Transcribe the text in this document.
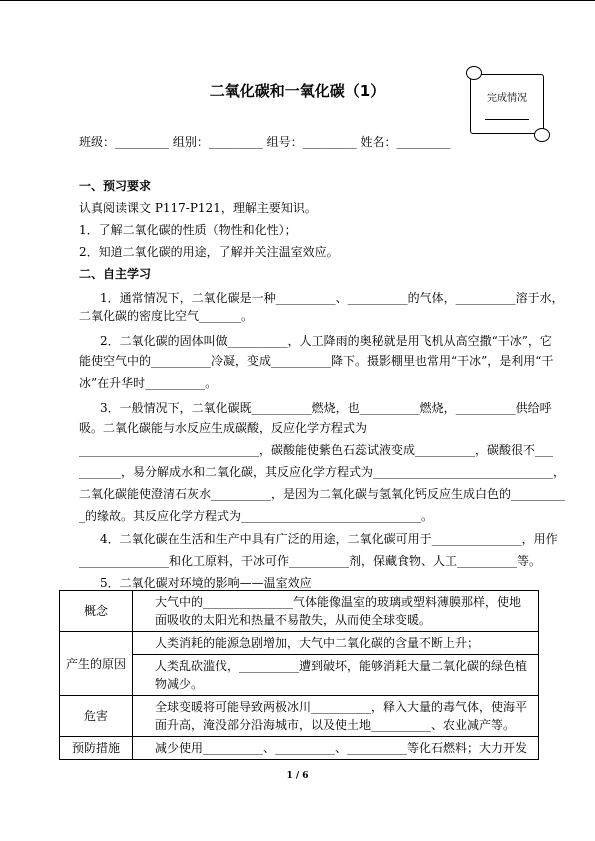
二氧化碳和一氧化碳（1）	完成情况
班级：_________ 组别：_________ 组号：_________ 姓名：_________
一、预习要求
认真阅读课文 P117-P121，理解主要知识。
1．了解二氧化碳的性质（物性和化性）；
2．知道二氧化碳的用途，了解并关注温室效应。
二、自主学习
1．通常情况下，二氧化碳是一种__________、__________的气体，__________溶于水，
二氧化碳的密度比空气_______。
2．二氧化碳的固体叫做__________，人工降雨的奥秘就是用飞机从高空撒“干冰”，它
能使空气中的__________冷凝，变成__________降下。摄影棚里也常用“干冰”，是利用“干
冰”在升华时__________。
3．一般情况下，二氧化碳既__________燃烧，也__________燃烧，__________供给呼
吸。二氧化碳能与水反应生成碳酸，反应化学方程式为
______________________________，碳酸能使紫色石蕊试液变成__________，碳酸很不___
_______，易分解成水和二氧化碳，其反应化学方程式为______________________________，
二氧化碳能使澄清石灰水__________，是因为二氧化碳与氢氧化钙反应生成白色的_________
_的缘故。其反应化学方程式为______________________________。
4．二氧化碳在生活和生产中具有广泛的用途，二氧化碳可用于_______________，用作
_______________和化工原料，干冰可作__________剂，保藏食物、人工__________等。
5．二氧化碳对环境的影响——温室效应
概念	大气中的_______________气体能像温室的玻璃或塑料薄膜那样，使地面吸收的太阳光和热量不易散失，从而使全球变暖。
产生的原因	人类消耗的能源急剧增加，大气中二氧化碳的含量不断上升；
	人类乱砍滥伐，__________遭到破坏，能够消耗大量二氧化碳的绿色植物减少。
危害	全球变暖将可能导致两极冰川__________，释入大量的毒气体，使海平面升高，淹没部分沿海城市，以及使土地__________、农业减产等。
预防措施	减少使用__________、__________、__________等化石燃料；大力开发
1 / 6
